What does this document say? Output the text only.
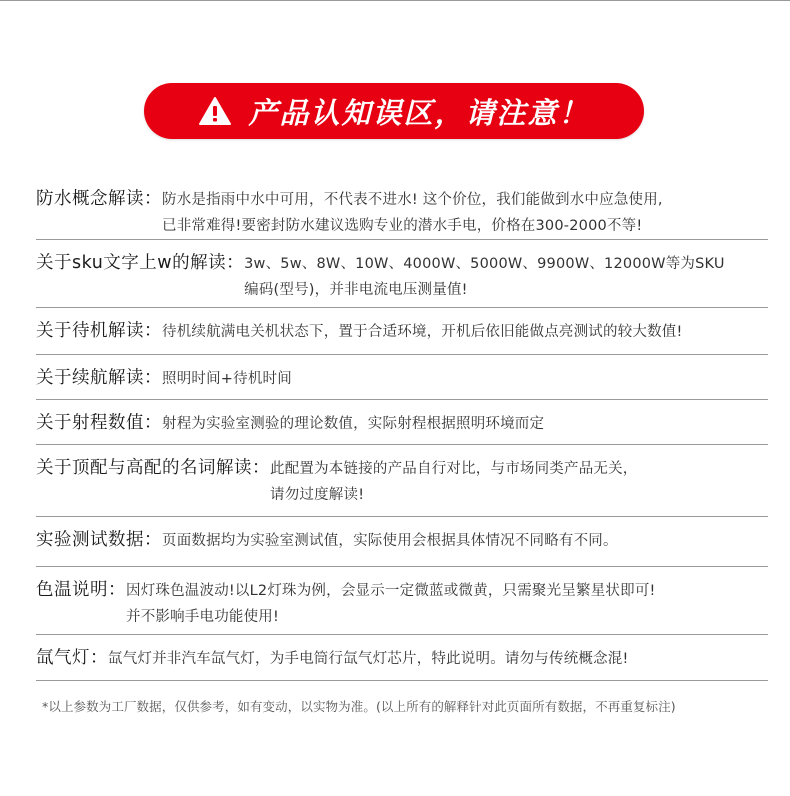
产品认知误区，请注意！
防水概念解读： 防水是指雨中水中可用，不代表不进水! 这个价位，我们能做到水中应急使用,
已非常难得!要密封防水建议选购专业的潜水手电，价格在300-2000不等!
关于sku文字上w的解读： 3w、5w、8W、10W、4000W、5000W、9900W、12000W等为SKU
编码(型号)，并非电流电压测量值!
关于待机解读： 待机续航满电关机状态下，置于合适环境，开机后依旧能做点亮测试的较大数值!
关于续航解读： 照明时间+待机时间
关于射程数值： 射程为实验室测验的理论数值，实际射程根据照明环境而定
关于顶配与高配的名词解读： 此配置为本链接的产品自行对比，与市场同类产品无关，
请勿过度解读!
实验测试数据： 页面数据均为实验室测试值，实际使用会根据具体情况不同略有不同。
色温说明： 因灯珠色温波动!以L2灯珠为例，会显示一定微蓝或微黄，只需聚光呈繁星状即可!
并不影响手电功能使用!
氙气灯： 氙气灯并非汽车氙气灯，为手电筒行氙气灯芯片，特此说明。请勿与传统概念混!
*以上参数为工厂数据，仅供参考，如有变动，以实物为准。(以上所有的解释针对此页面所有数据，不再重复标注)
